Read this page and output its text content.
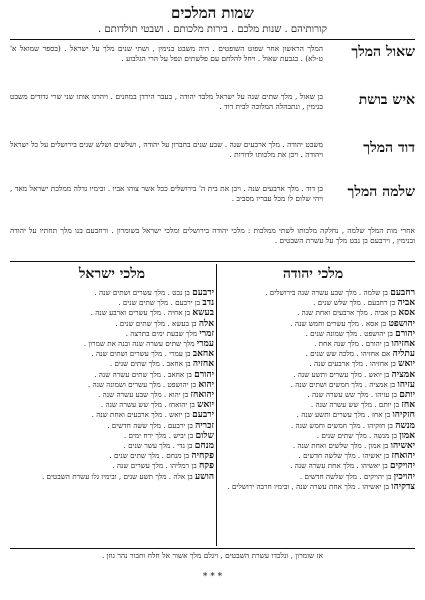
שמות המלכים
קורותיהם . שנות מלכם . בירות מלכותם . ושבטי תולדותם .
שאול המלך
המלך הראשון אחר שפוט השופטים . היה משבט בנימין , ושתי שנים מלך על ישראל . (בספר שמואל א' ט-לא) . בגבעת שאול . ויחל להלחם עם פלשתים ונפל על הרי הגלבוע .
איש בושת
בן שאול , מלך שתים שנה על ישראל מלבד יהודה , בעבר הירדן במחנים . ויהרגו אותו שני שרי גדודים משבט בנימין , ונתבהלה המלוכה לבית דוד .
דוד המלך
משבט יהודה . מלך ארבעים שנה . שבע שנים בחברון על יהודה , ושלשים ושלש שנים בירושלים על כל ישראל ויהודה . ויכן את מלכותו לדורות .
שלמה המלך
בן דוד . מלך ארבעים שנה . ויבן את בית ה' בירושלים ככל אשר צוהו אביו . ובימיו גדלה ממלכת ישראל מאד , ויהי שלום לו מכל עבריו מסביב .
אחרי מות המלך שלמה , נחלקה מלכותו לשתי ממלכות : מלכי יהודה בירושלים ומלכי ישראל בשומרון . ורחבעם בנו מלך תחתיו על יהודה ובנימין , וירבעם בן נבט מלך על עשרת השבטים .
מלכי יהודה
מלכי ישראל
רחבעם בן שלמה . מלך שבע עשרה שנה בירושלים .
אביה בן רחבעם . מלך שלש שנים .
אסא בן אביה . מלך ארבעים ואחת שנה .
יהושפט בן אסא . מלך עשרים וחמש שנה .
יהורם בן יהושפט . מלך שמונה שנים .
אחזיהו בן יהורם . מלך שנה אחת .
עתליה אם אחזיהו . מלכה שש שנים .
יואש בן אחזיהו . מלך ארבעים שנה .
אמציה בן יואש . מלך עשרים ותשע שנה .
עזיהו בן אמציה . מלך חמשים ושתים שנה .
יותם בן עזיהו . מלך שש עשרה שנה .
אחז בן יותם . מלך שש עשרה שנה .
חזקיהו בן אחז . מלך עשרים ותשע שנה .
מנשה בן חזקיהו . מלך חמשים וחמש שנה .
אמון בן מנשה . מלך שתים שנים .
יאשיהו בן אמון . מלך שלשים ואחת שנה .
יהואחז בן יאשיהו . מלך שלשה חדשים .
יהויקים בן יאשיהו . מלך אחת עשרה שנה .
יהויכין בן יהויקים . מלך שלשה חדשים .
צדקיהו בן יאשיהו . מלך אחת עשרה שנה , ובימיו חרבה ירושלים .
ירבעם בן נבט . מלך עשרים ושתים שנה .
נדב בן ירבעם . מלך שתים שנים .
בעשא בן אחיה . מלך עשרים וארבע שנה .
אלה בן בעשא . מלך שתים שנים .
זמרי מלך שבעת ימים בתרצה .
עמרי מלך שתים עשרה שנה ובנה את שמרון .
אחאב בן עמרי . מלך עשרים ושתים שנה .
אחזיה בן אחאב . מלך שתים שנים .
יהורם בן אחאב . מלך שתים עשרה שנה .
יהוא בן יהושפט . מלך עשרים ושמונה שנה .
יהואחז בן יהוא . מלך שבע עשרה שנה .
יואש בן יהואחז . מלך שש עשרה שנה .
ירבעם בן יואש . מלך ארבעים ואחת שנה .
זכריה בן ירבעם . מלך ששה חדשים .
שלום בן יביש . מלך ירח ימים .
מנחם בן גדי . מלך עשר שנים .
פקחיה בן מנחם . מלך שתים שנים .
פקח בן רמליהו . מלך עשרים שנה .
הושע בן אלה . מלך תשע שנים , ובימיו גלו עשרת השבטים .
אז שומרון , ונלכדו עשרת השבטים , ויגלם מלך אשור אל חלח וחבור נהר גוזן .
* * *
